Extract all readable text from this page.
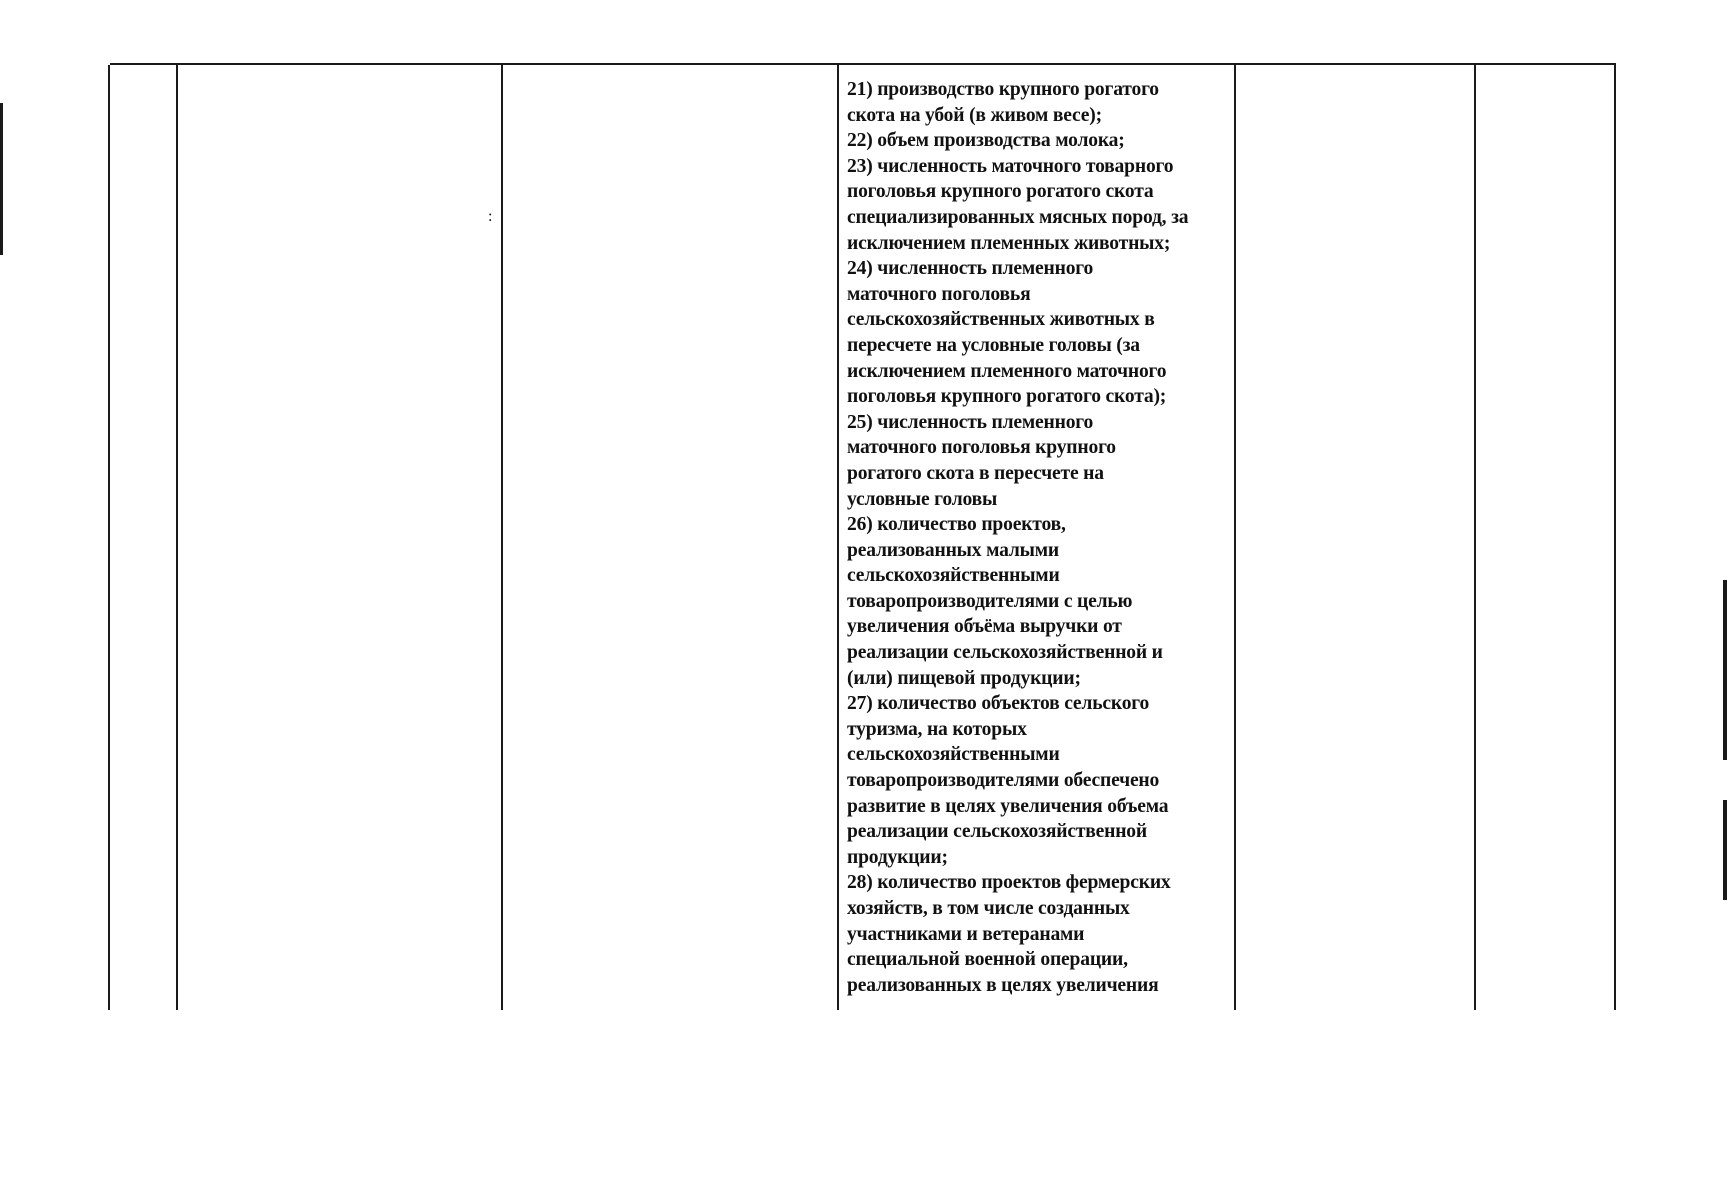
:
21) производство крупного рогатого
скота на убой (в живом весе);
22) объем производства молока;
23) численность маточного товарного
поголовья крупного рогатого скота
специализированных мясных пород, за
исключением племенных животных;
24) численность племенного
маточного поголовья
сельскохозяйственных животных в
пересчете на условные головы (за
исключением племенного маточного
поголовья крупного рогатого скота);
25) численность племенного
маточного поголовья крупного
рогатого скота в пересчете на
условные головы
26) количество проектов,
реализованных малыми
сельскохозяйственными
товаропроизводителями с целью
увеличения объёма выручки от
реализации сельскохозяйственной и
(или) пищевой продукции;
27) количество объектов сельского
туризма, на которых
сельскохозяйственными
товаропроизводителями обеспечено
развитие в целях увеличения объема
реализации сельскохозяйственной
продукции;
28) количество проектов фермерских
хозяйств, в том числе созданных
участниками и ветеранами
специальной военной операции,
реализованных в целях увеличения
